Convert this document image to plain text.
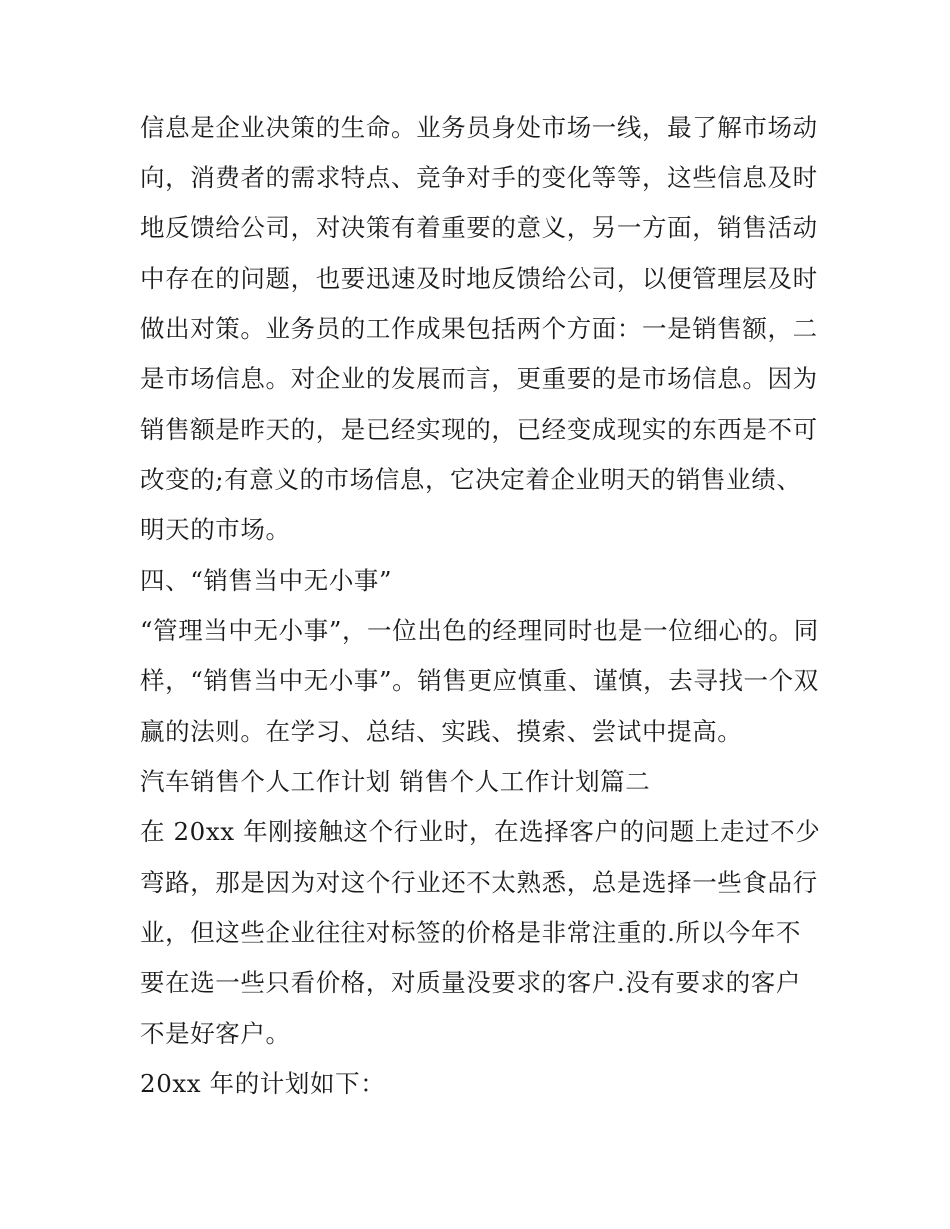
信息是企业决策的生命。业务员身处市场一线，最了解市场动
向，消费者的需求特点、竞争对手的变化等等，这些信息及时
地反馈给公司，对决策有着重要的意义，另一方面，销售活动
中存在的问题，也要迅速及时地反馈给公司，以便管理层及时
做出对策。业务员的工作成果包括两个方面：一是销售额，二
是市场信息。对企业的发展而言，更重要的是市场信息。因为
销售额是昨天的，是已经实现的，已经变成现实的东西是不可
改变的;有意义的市场信息，它决定着企业明天的销售业绩、
明天的市场。
四、“销售当中无小事”
“管理当中无小事”，一位出色的经理同时也是一位细心的。同
样，“销售当中无小事”。销售更应慎重、谨慎，去寻找一个双
赢的法则。在学习、总结、实践、摸索、尝试中提高。
汽车销售个人工作计划 销售个人工作计划篇二
在 20xx 年刚接触这个行业时，在选择客户的问题上走过不少
弯路，那是因为对这个行业还不太熟悉，总是选择一些食品行
业，但这些企业往往对标签的价格是非常注重的.所以今年不
要在选一些只看价格，对质量没要求的客户.没有要求的客户
不是好客户。
20xx 年的计划如下：
